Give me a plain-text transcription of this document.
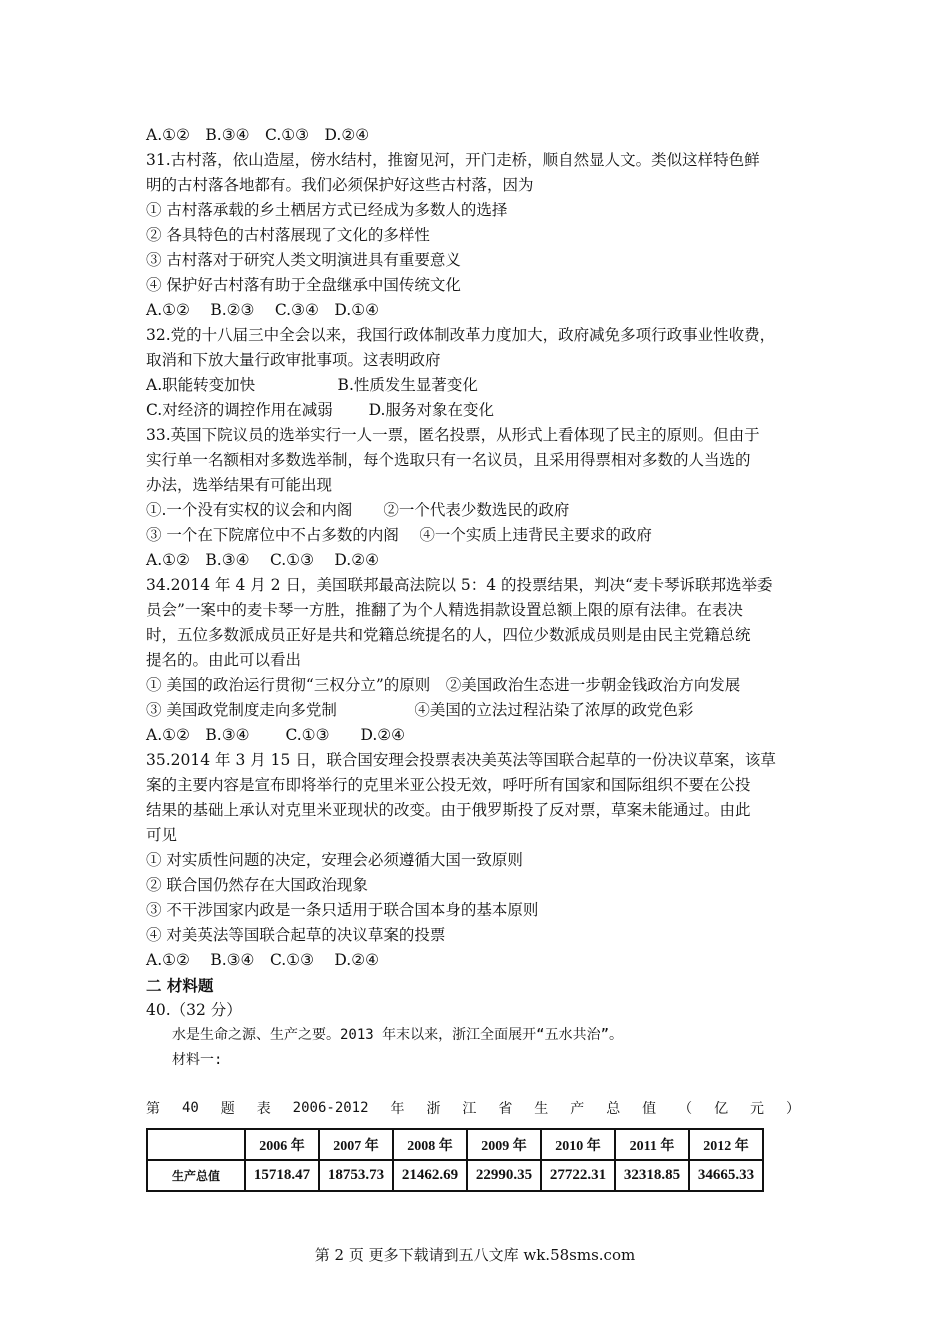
A.①②　B.③④　C.①③　D.②④
31.古村落，依山造屋，傍水结村，推窗见河，开门走桥，顺自然显人文。类似这样特色鲜
明的古村落各地都有。我们必须保护好这些古村落，因为
① 古村落承载的乡土栖居方式已经成为多数人的选择
② 各具特色的古村落展现了文化的多样性
③ 古村落对于研究人类文明演进具有重要意义
④ 保护好古村落有助于全盘继承中国传统文化
A.①②　 B.②③　 C.③④　D.①④
32.党的十八届三中全会以来，我国行政体制改革力度加大，政府减免多项行政事业性收费，
取消和下放大量行政审批事项。这表明政府
A.职能转变加快　　　　　 B.性质发生显著变化
C.对经济的调控作用在减弱　　 D.服务对象在变化
33.英国下院议员的选举实行一人一票，匿名投票，从形式上看体现了民主的原则。但由于
实行单一名额相对多数选举制，每个选取只有一名议员，且采用得票相对多数的人当选的
办法，选举结果有可能出现
①.一个没有实权的议会和内阁　　②一个代表少数选民的政府
③ 一个在下院席位中不占多数的内阁　 ④一个实质上违背民主要求的政府
A.①②　B.③④　 C.①③　 D.②④
34.2014 年 4 月 2 日，美国联邦最高法院以 5：4 的投票结果，判决“麦卡琴诉联邦选举委
员会”一案中的麦卡琴一方胜，推翻了为个人精选捐款设置总额上限的原有法律。在表决
时，五位多数派成员正好是共和党籍总统提名的人，四位少数派成员则是由民主党籍总统
提名的。由此可以看出
① 美国的政治运行贯彻“三权分立”的原则　②美国政治生态进一步朝金钱政治方向发展
③ 美国政党制度走向多党制　　　　　④美国的立法过程沾染了浓厚的政党色彩
A.①②　B.③④　　 C.①③　　D.②④
35.2014 年 3 月 15 日，联合国安理会投票表决美英法等国联合起草的一份决议草案，该草
案的主要内容是宣布即将举行的克里米亚公投无效，呼吁所有国家和国际组织不要在公投
结果的基础上承认对克里米亚现状的改变。由于俄罗斯投了反对票，草案未能通过。由此
可见
① 对实质性问题的决定，安理会必须遵循大国一致原则
② 联合国仍然存在大国政治现象
③ 不干涉国家内政是一条只适用于联合国本身的基本原则
④ 对美英法等国联合起草的决议草案的投票
A.①②　 B.③④　C.①③　 D.②④
二 材料题
40.（32 分）
水是生命之源、生产之要。2013 年末以来，浙江全面展开“五水共治”。
材料一:
第 40 题 表 2006-2012 年 浙 江 省 生 产 总 值 （ 亿 元 ）
	2006 年	2007 年	2008 年	2009 年	2010 年	2011 年	2012 年
生产总值	15718.47	18753.73	21462.69	22990.35	27722.31	32318.85	34665.33
第 2 页 更多下载请到五八文库 wk.58sms.com
